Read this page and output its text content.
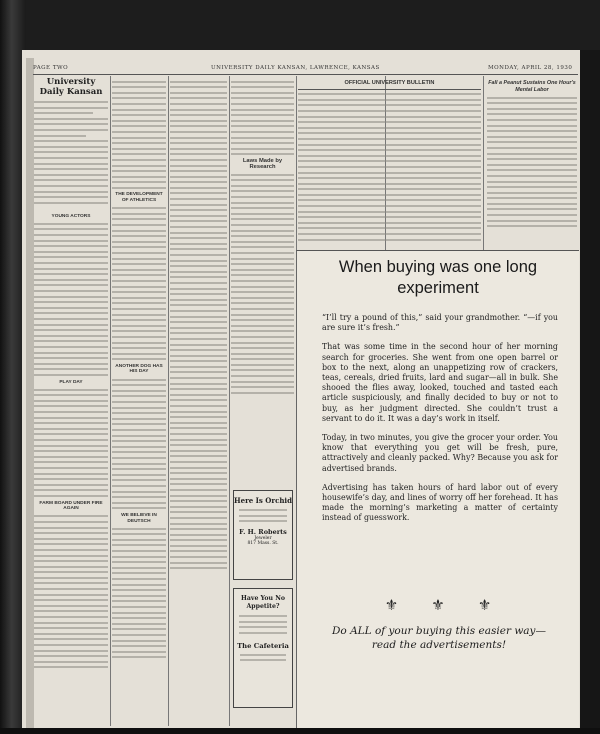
PAGE TWO	UNIVERSITY DAILY KANSAN, LAWRENCE, KANSAS	MONDAY, APRIL 28, 1930
University Daily Kansan
YOUNG ACTORS
PLAY DAY
FARM BOARD UNDER FIRE AGAIN
THE DEVELOPMENT OF ATHLETICS
ANOTHER DOG HAS HIS DAY
WE BELIEVE IN DEUTSCH
Laws Made by Research
Here Is Orchid
F. H. Roberts
Jeweler
817 Mass. St.
Have You No Appetite?
The Cafeteria
OFFICIAL UNIVERSITY BULLETIN	Fall a Peanut Sustains One Hour's Mental Labor
When buying was one long experiment

“I’ll try a pound of this,” said your grandmother. “—if you are sure it’s fresh.”

That was some time in the second hour of her morning search for groceries. She went from one open barrel or box to the next, along an unappetizing row of crackers, teas, cereals, dried fruits, lard and sugar—all in bulk. She shooed the flies away, looked, touched and tasted each article suspiciously, and finally decided to buy or not to buy, as her judgment directed. She couldn’t trust a servant to do it. It was a day’s work in itself.

Today, in two minutes, you give the grocer your order. You know that everything you get will be fresh, pure, attractively and cleanly packed. Why? Because you ask for advertised brands.

Advertising has taken hours of hard labor out of every housewife’s day, and lines of worry off her forehead. It has made the morning’s marketing a matter of certainty instead of guesswork.

⚜ ⚜ ⚜
Do ALL of your buying this easier way—read the advertisements!
